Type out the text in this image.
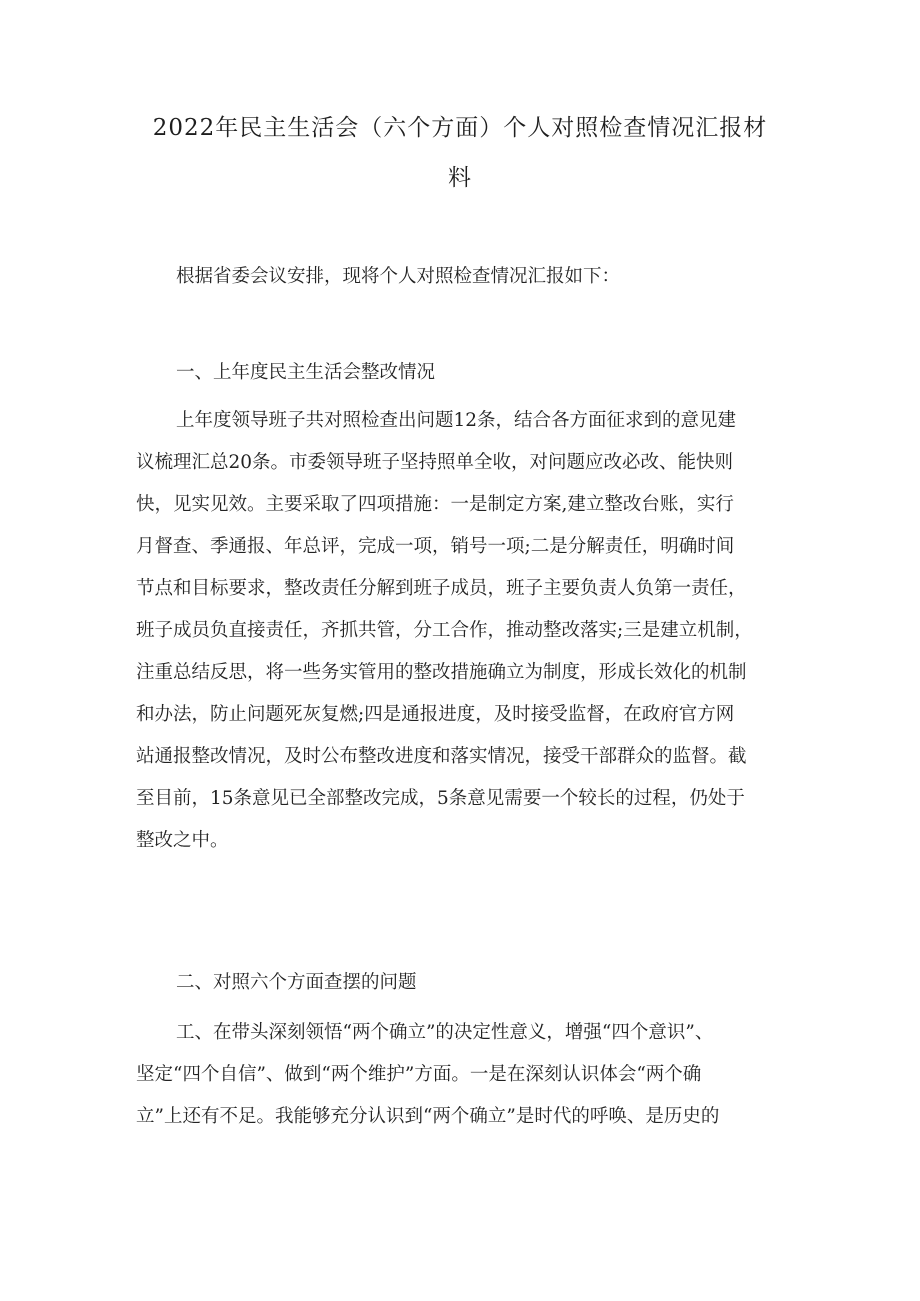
2022年民主生活会（六个方面）个人对照检查情况汇报材
料
根据省委会议安排，现将个人对照检查情况汇报如下：
一、上年度民主生活会整改情况
上年度领导班子共对照检查出问题12条，结合各方面征求到的意见建
议梳理汇总20条。市委领导班子坚持照单全收，对问题应改必改、能快则
快，见实见效。主要采取了四项措施：一是制定方案,建立整改台账，实行
月督查、季通报、年总评，完成一项，销号一项;二是分解责任，明确时间
节点和目标要求，整改责任分解到班子成员，班子主要负责人负第一责任，
班子成员负直接责任，齐抓共管，分工合作，推动整改落实;三是建立机制，
注重总结反思，将一些务实管用的整改措施确立为制度，形成长效化的机制
和办法，防止问题死灰复燃;四是通报进度，及时接受监督，在政府官方网
站通报整改情况，及时公布整改进度和落实情况，接受干部群众的监督。截
至目前，15条意见已全部整改完成，5条意见需要一个较长的过程，仍处于
整改之中。
二、对照六个方面查摆的问题
工、在带头深刻领悟“两个确立”的决定性意义，增强“四个意识”、
坚定“四个自信”、做到“两个维护”方面。一是在深刻认识体会“两个确
立”上还有不足。我能够充分认识到“两个确立”是时代的呼唤、是历史的
